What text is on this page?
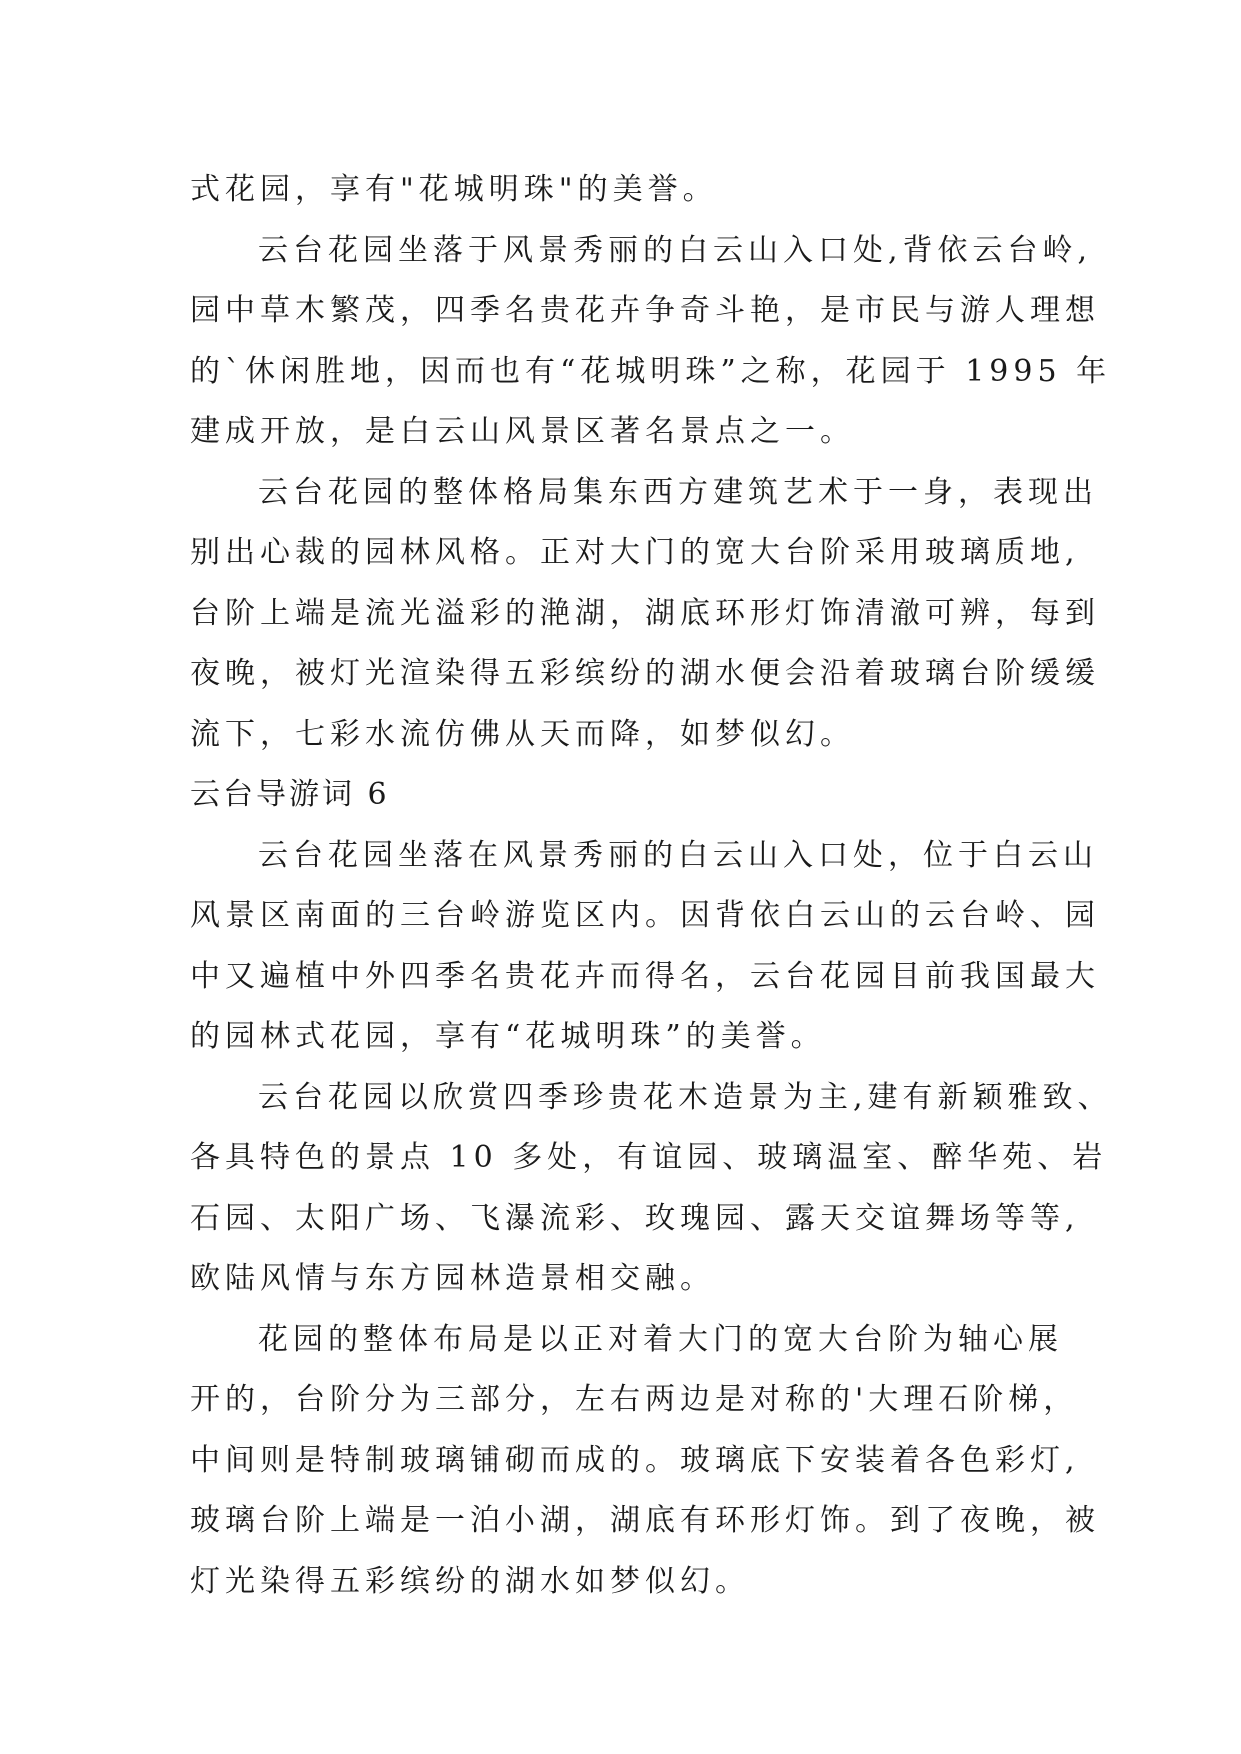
式花园，享有"花城明珠"的美誉。
云台花园坐落于风景秀丽的白云山入口处,背依云台岭,
园中草木繁茂，四季名贵花卉争奇斗艳，是市民与游人理想
的`休闲胜地，因而也有“花城明珠”之称，花园于 1995 年
建成开放，是白云山风景区著名景点之一。
云台花园的整体格局集东西方建筑艺术于一身，表现出
别出心裁的园林风格。正对大门的宽大台阶采用玻璃质地,
台阶上端是流光溢彩的滟湖，湖底环形灯饰清澈可辨，每到
夜晚，被灯光渲染得五彩缤纷的湖水便会沿着玻璃台阶缓缓
流下，七彩水流仿佛从天而降，如梦似幻。
云台导游词 6
云台花园坐落在风景秀丽的白云山入口处，位于白云山
风景区南面的三台岭游览区内。因背依白云山的云台岭、园
中又遍植中外四季名贵花卉而得名，云台花园目前我国最大
的园林式花园，享有“花城明珠”的美誉。
云台花园以欣赏四季珍贵花木造景为主,建有新颖雅致、
各具特色的景点 10 多处，有谊园、玻璃温室、醉华苑、岩
石园、太阳广场、飞瀑流彩、玫瑰园、露天交谊舞场等等,
欧陆风情与东方园林造景相交融。
花园的整体布局是以正对着大门的宽大台阶为轴心展
开的，台阶分为三部分，左右两边是对称的'大理石阶梯，
中间则是特制玻璃铺砌而成的。玻璃底下安装着各色彩灯,
玻璃台阶上端是一泊小湖，湖底有环形灯饰。到了夜晚，被
灯光染得五彩缤纷的湖水如梦似幻。
